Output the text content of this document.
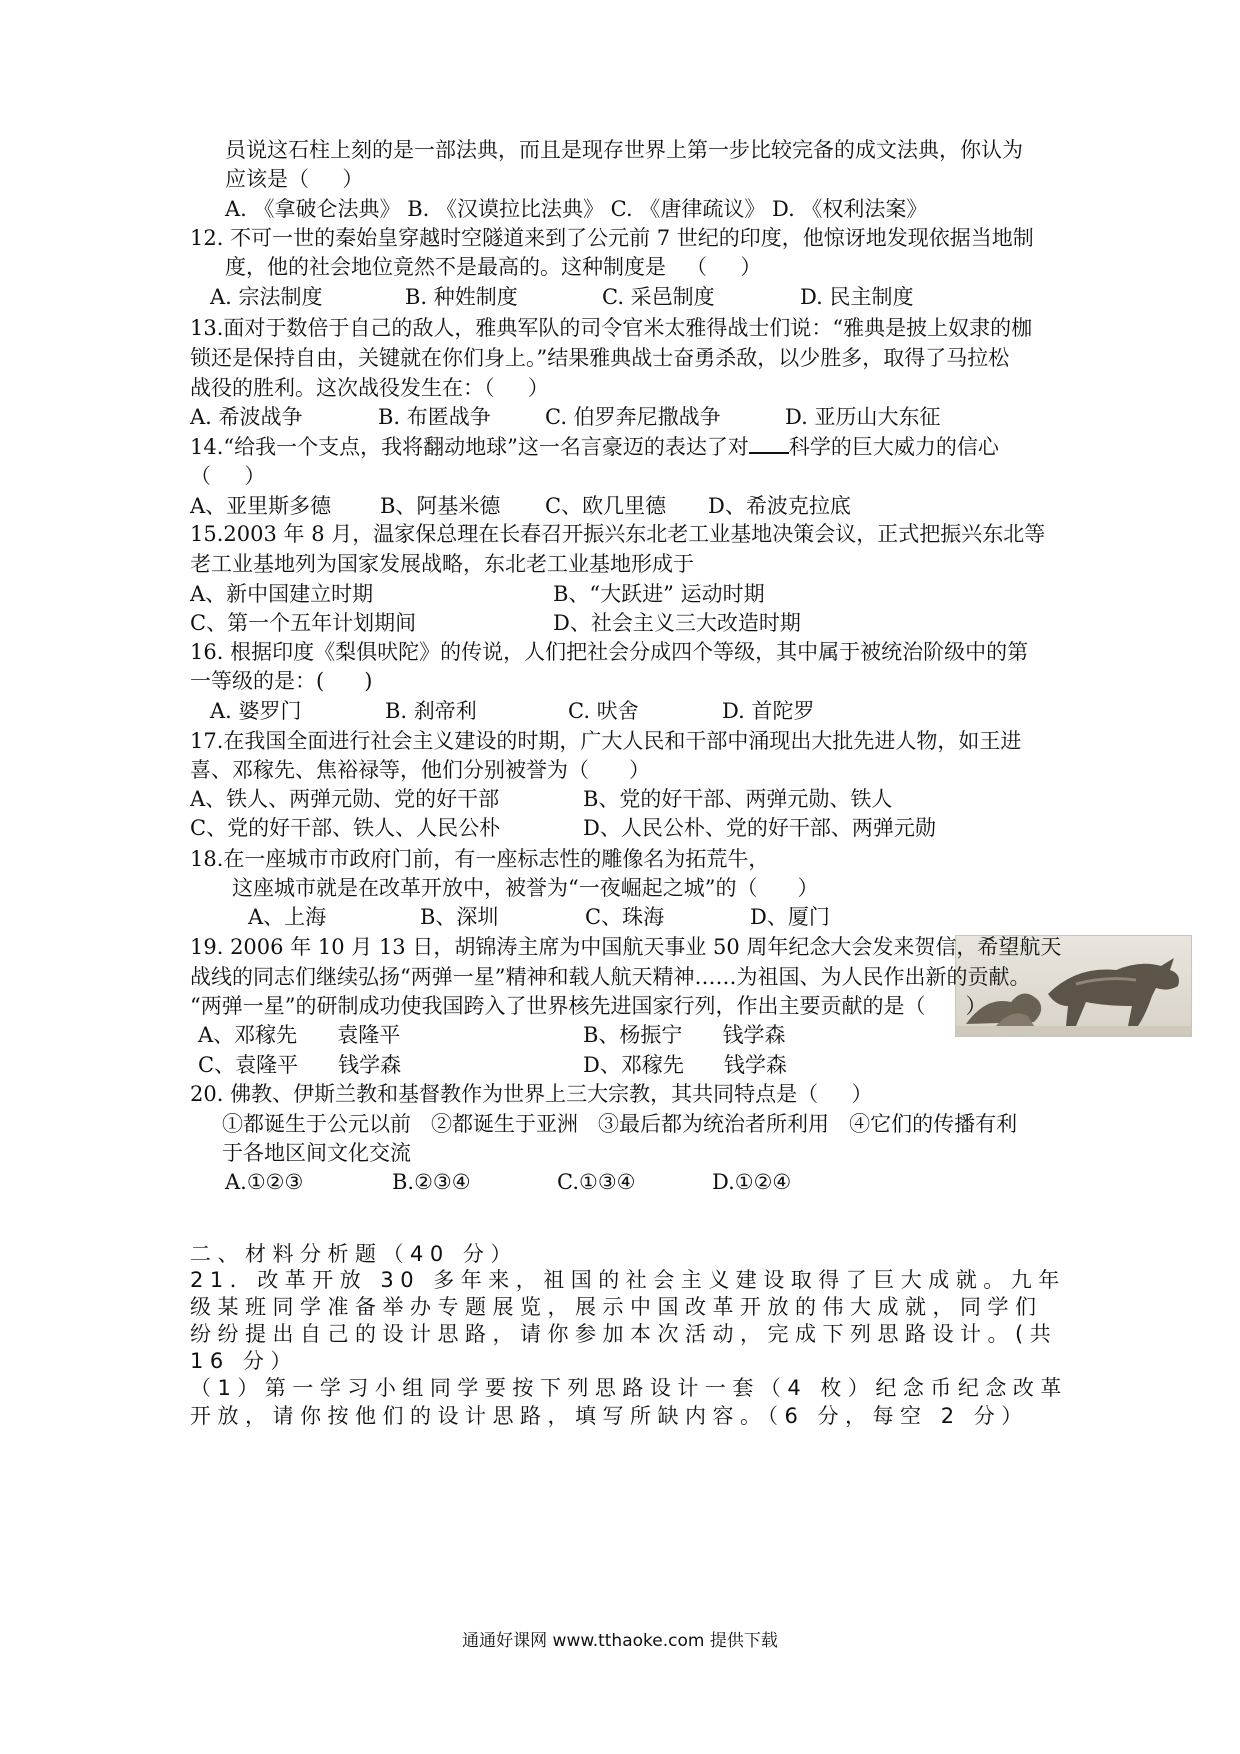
员说这石柱上刻的是一部法典，而且是现存世界上第一步比较完备的成文法典，你认为
应该是（     ）
A. 《拿破仑法典》 B. 《汉谟拉比法典》 C. 《唐律疏议》 D. 《权利法案》
12. 不可一世的秦始皇穿越时空隧道来到了公元前 7 世纪的印度，他惊讶地发现依据当地制
度，他的社会地位竟然不是最高的。这种制度是   （     ）
A. 宗法制度	B. 种姓制度	C. 采邑制度	D. 民主制度
13.面对于数倍于自己的敌人，雅典军队的司令官米太雅得战士们说：“雅典是披上奴隶的枷
锁还是保持自由，关键就在你们身上。”结果雅典战士奋勇杀敌，以少胜多，取得了马拉松
战役的胜利。这次战役发生在：（     ）
A. 希波战争	B. 布匿战争	C. 伯罗奔尼撒战争	D. 亚历山大东征
14.“给我一个支点，我将翻动地球”这一名言豪迈的表达了对 科学的巨大威力的信心
（     ）
A、亚里斯多德 B、阿基米德 C、欧几里德 D、希波克拉底
15.2003 年 8 月，温家保总理在长春召开振兴东北老工业基地决策会议，正式把振兴东北等
老工业基地列为国家发展战略，东北老工业基地形成于
A、新中国建立时期	B、“大跃进” 运动时期
C、第一个五年计划期间	D、社会主义三大改造时期
16. 根据印度《梨俱吠陀》的传说，人们把社会分成四个等级，其中属于被统治阶级中的第
一等级的是：(      )
A. 婆罗门	B. 刹帝利	C. 吠舍	D. 首陀罗
17.在我国全面进行社会主义建设的时期，广大人民和干部中涌现出大批先进人物，如王进
喜、邓稼先、焦裕禄等，他们分别被誉为（      ）
A、铁人、两弹元勋、党的好干部	B、党的好干部、两弹元勋、铁人
C、党的好干部、铁人、人民公朴	D、人民公朴、党的好干部、两弹元勋
18.在一座城市市政府门前，有一座标志性的雕像名为拓荒牛，
这座城市就是在改革开放中，被誉为“一夜崛起之城”的（      ）
A、上海	B、深圳	C、珠海	D、厦门
19. 2006 年 10 月 13 日，胡锦涛主席为中国航天事业 50 周年纪念大会发来贺信，希望航天
战线的同志们继续弘扬“两弹一星”精神和载人航天精神……为祖国、为人民作出新的贡献。
“两弹一星”的研制成功使我国跨入了世界核先进国家行列，作出主要贡献的是（      ）
A、邓稼先      袁隆平	B、杨振宁      钱学森
C、袁隆平      钱学森	D、邓稼先      钱学森
20. 佛教、伊斯兰教和基督教作为世界上三大宗教，其共同特点是（     ）
①都诞生于公元以前   ②都诞生于亚洲   ③最后都为统治者所利用   ④它们的传播有利
于各地区间文化交流
A.①②③	B.②③④	C.①③④	D.①②④
二、材料分析题（40 分）
21．改革开放 30 多年来，祖国的社会主义建设取得了巨大成就。九年
级某班同学准备举办专题展览，展示中国改革开放的伟大成就，同学们
纷纷提出自己的设计思路，请你参加本次活动，完成下列思路设计。(共
16 分）
（1）第一学习小组同学要按下列思路设计一套（4 枚）纪念币纪念改革
开放，请你按他们的设计思路，填写所缺内容。（6 分，每空 2 分）
通通好课网 www.tthaoke.com 提供下载
